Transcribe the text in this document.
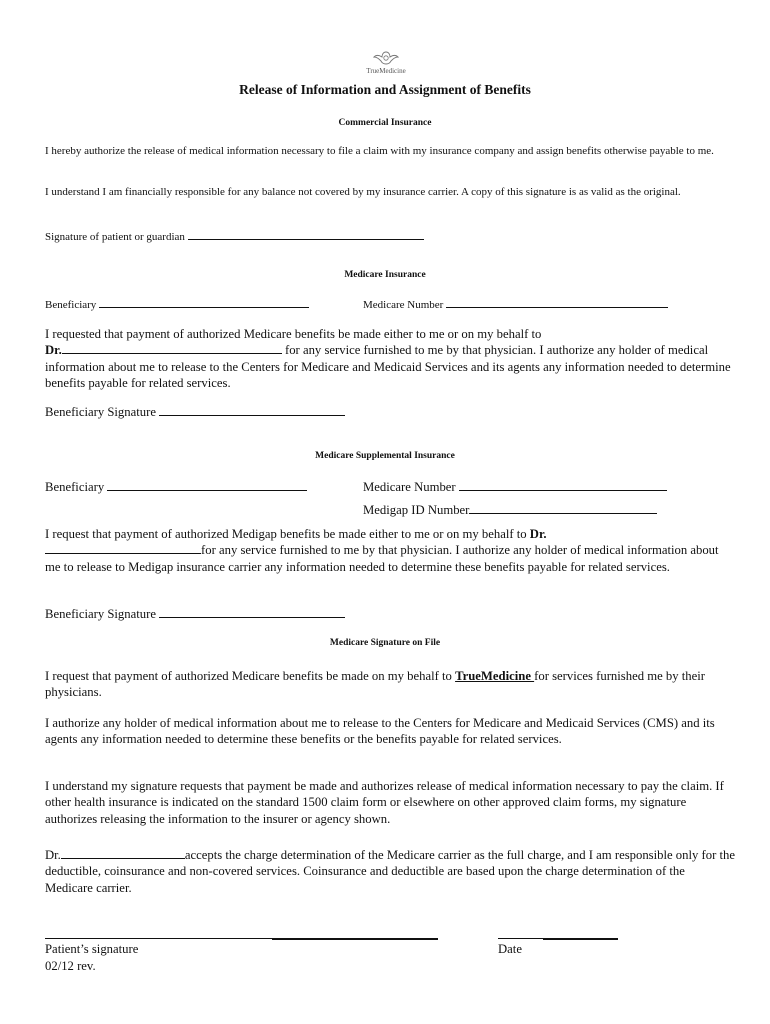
TrueMedicine
Release of Information and Assignment of Benefits
Commercial Insurance
I hereby authorize the release of medical information necessary to file a claim with my insurance company and assign benefits otherwise payable to me.
I understand I am financially responsible for any balance not covered by my insurance carrier. A copy of this signature is as valid as the original.
Signature of patient or guardian
Medicare Insurance
Beneficiary	Medicare Number
I requested that payment of authorized Medicare benefits be made either to me or on my behalf to
Dr.	for any service furnished to me by that physician. I authorize any holder of medical information about me to release to the Centers for Medicare and Medicaid Services and its agents any information needed to determine benefits payable for related services.
Beneficiary Signature
Medicare Supplemental Insurance
Beneficiary	Medicare Number
Medigap ID Number
I request that payment of authorized Medigap benefits be made either to me or on my behalf to Dr.
for any service furnished to me by that physician. I authorize any holder of medical information about me to release to Medigap insurance carrier any information needed to determine these benefits payable for related services.
Beneficiary Signature
Medicare Signature on File
I request that payment of authorized Medicare benefits be made on my behalf to TrueMedicine for services furnished me by their physicians.
I authorize any holder of medical information about me to release to the Centers for Medicare and Medicaid Services (CMS) and its agents any information needed to determine these benefits or the benefits payable for related services.
I understand my signature requests that payment be made and authorizes release of medical information necessary to pay the claim. If other health insurance is indicated on the standard 1500 claim form or elsewhere on other approved claim forms, my signature authorizes releasing the information to the insurer or agency shown.
Dr.	accepts the charge determination of the Medicare carrier as the full charge, and I am responsible only for the deductible, coinsurance and non-covered services. Coinsurance and deductible are based upon the charge determination of the Medicare carrier.
Patient’s signature	Date
02/12 rev.
